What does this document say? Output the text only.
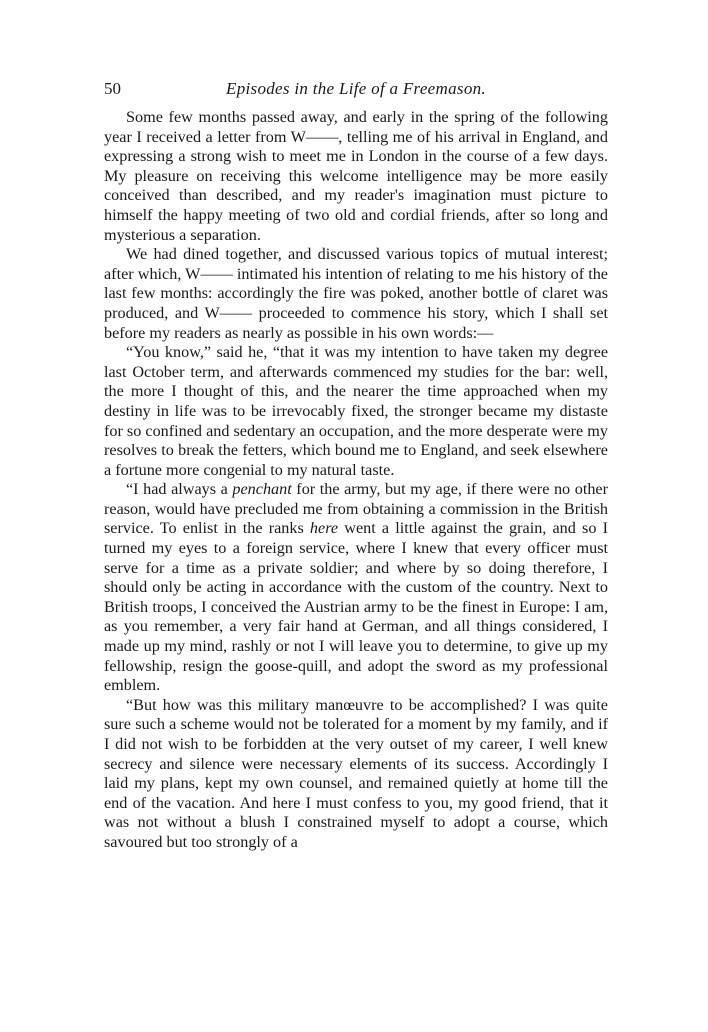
50	Episodes in the Life of a Freemason.

Some few months passed away, and early in the spring of the following year I received a letter from W——, telling me of his arrival in England, and expressing a strong wish to meet me in London in the course of a few days. My pleasure on receiving this welcome intelligence may be more easily conceived than described, and my reader's imagination must picture to himself the happy meeting of two old and cordial friends, after so long and mysterious a separation.

We had dined together, and discussed various topics of mutual interest; after which, W—— intimated his intention of relating to me his history of the last few months: accordingly the fire was poked, another bottle of claret was produced, and W—— proceeded to commence his story, which I shall set before my readers as nearly as possible in his own words:—

“You know,” said he, “that it was my intention to have taken my degree last October term, and afterwards commenced my studies for the bar: well, the more I thought of this, and the nearer the time approached when my destiny in life was to be irrevocably fixed, the stronger became my distaste for so confined and sedentary an occupation, and the more desperate were my resolves to break the fetters, which bound me to England, and seek elsewhere a fortune more congenial to my natural taste.

“I had always a penchant for the army, but my age, if there were no other reason, would have precluded me from obtaining a commission in the British service. To enlist in the ranks here went a little against the grain, and so I turned my eyes to a foreign service, where I knew that every officer must serve for a time as a private soldier; and where by so doing therefore, I should only be acting in accordance with the custom of the country. Next to British troops, I conceived the Austrian army to be the finest in Europe: I am, as you remember, a very fair hand at German, and all things considered, I made up my mind, rashly or not I will leave you to determine, to give up my fellowship, resign the goose-quill, and adopt the sword as my professional emblem.

“But how was this military manœuvre to be accomplished? I was quite sure such a scheme would not be tolerated for a moment by my family, and if I did not wish to be forbidden at the very outset of my career, I well knew secrecy and silence were necessary elements of its success. Accordingly I laid my plans, kept my own counsel, and remained quietly at home till the end of the vacation. And here I must confess to you, my good friend, that it was not without a blush I constrained myself to adopt a course, which savoured but too strongly of a
